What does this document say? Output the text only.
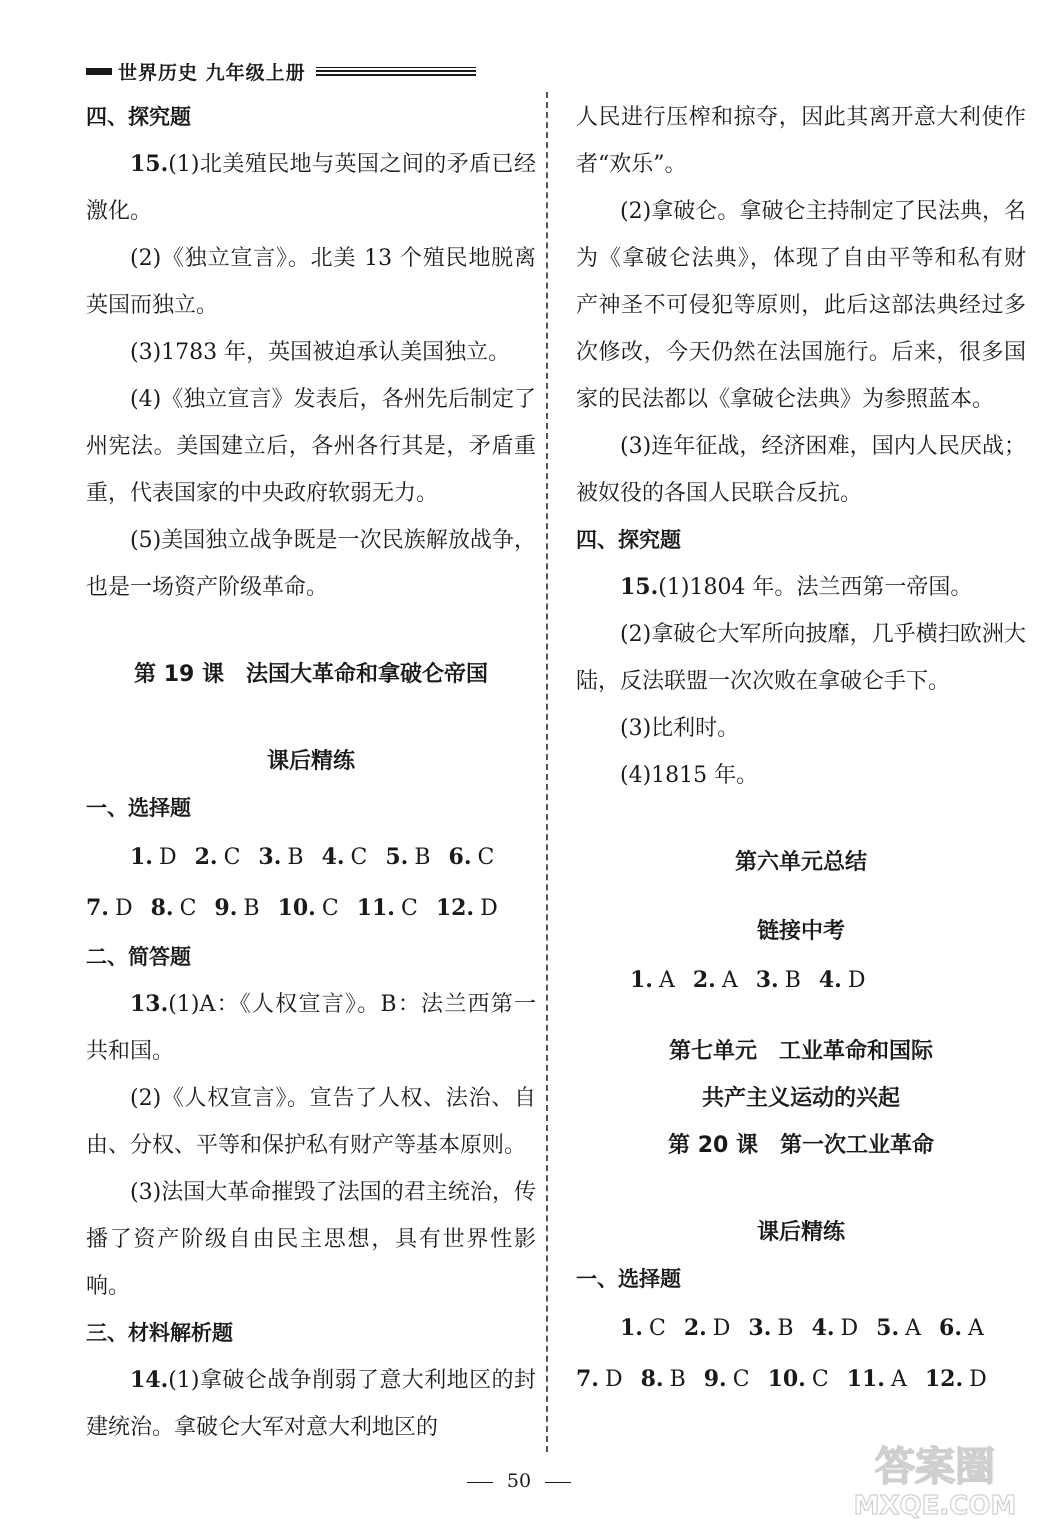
世界历史 九年级上册

四、探究题

15.(1)北美殖民地与英国之间的矛盾已经激化。

(2)《独立宣言》。北美 13 个殖民地脱离英国而独立。

(3)1783 年，英国被迫承认美国独立。

(4)《独立宣言》发表后，各州先后制定了州宪法。美国建立后，各州各行其是，矛盾重重，代表国家的中央政府软弱无力。

(5)美国独立战争既是一次民族解放战争，也是一场资产阶级革命。

第 19 课　法国大革命和拿破仑帝国

课后精练

一、选择题

1. D 2. C 3. B 4. C 5. B 6. C

7. D 8. C 9. B 10. C 11. C 12. D

二、简答题

13.(1)A：《人权宣言》。B：法兰西第一共和国。

(2)《人权宣言》。宣告了人权、法治、自由、分权、平等和保护私有财产等基本原则。

(3)法国大革命摧毁了法国的君主统治，传播了资产阶级自由民主思想，具有世界性影响。

三、材料解析题

14.(1)拿破仑战争削弱了意大利地区的封建统治。拿破仑大军对意大利地区的

人民进行压榨和掠夺，因此其离开意大利使作者“欢乐”。

(2)拿破仑。拿破仑主持制定了民法典，名为《拿破仑法典》，体现了自由平等和私有财产神圣不可侵犯等原则，此后这部法典经过多次修改，今天仍然在法国施行。后来，很多国家的民法都以《拿破仑法典》为参照蓝本。

(3)连年征战，经济困难，国内人民厌战；被奴役的各国人民联合反抗。

四、探究题

15.(1)1804 年。法兰西第一帝国。

(2)拿破仑大军所向披靡，几乎横扫欧洲大陆，反法联盟一次次败在拿破仑手下。

(3)比利时。

(4)1815 年。

第六单元总结

链接中考

1. A 2. A 3. B 4. D

第七单元　工业革命和国际

共产主义运动的兴起

第 20 课　第一次工业革命

课后精练

一、选择题

1. C 2. D 3. B 4. D 5. A 6. A

7. D 8. B 9. C 10. C 11. A 12. D

50	答案圈
MXQE.COM
